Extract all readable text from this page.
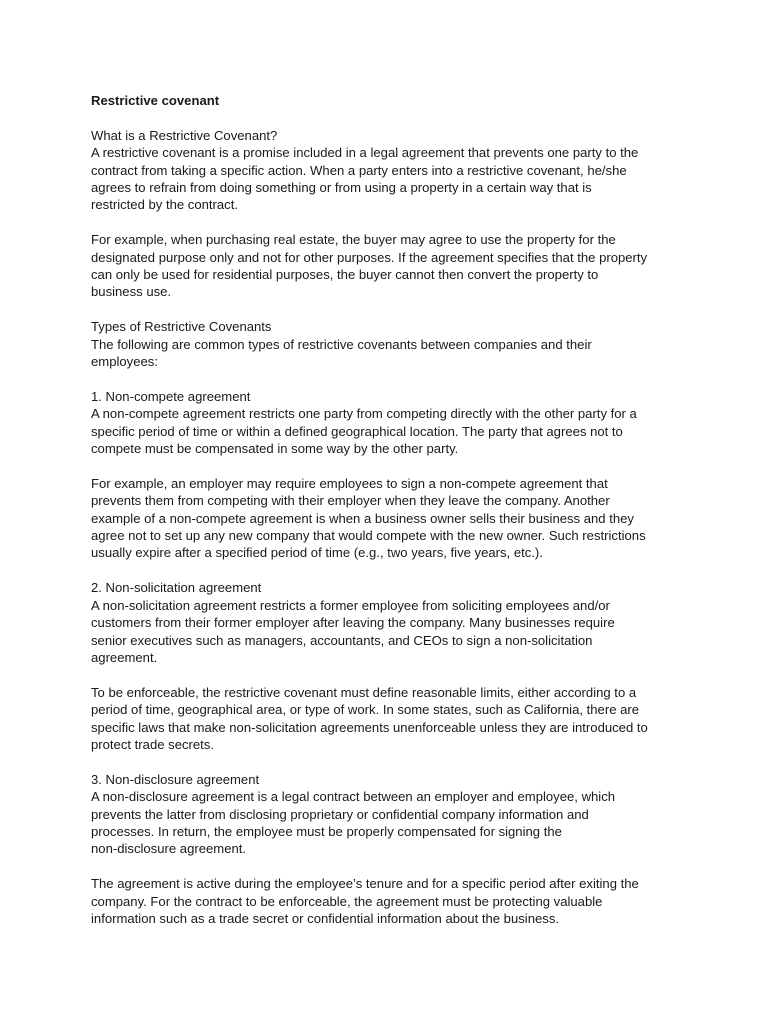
Restrictive covenant
What is a Restrictive Covenant?
A restrictive covenant is a promise included in a legal agreement that prevents one party to the
contract from taking a specific action. When a party enters into a restrictive covenant, he/she
agrees to refrain from doing something or from using a property in a certain way that is
restricted by the contract.
For example, when purchasing real estate, the buyer may agree to use the property for the
designated purpose only and not for other purposes. If the agreement specifies that the property
can only be used for residential purposes, the buyer cannot then convert the property to
business use.
Types of Restrictive Covenants
The following are common types of restrictive covenants between companies and their
employees:
1. Non-compete agreement
A non-compete agreement restricts one party from competing directly with the other party for a
specific period of time or within a defined geographical location. The party that agrees not to
compete must be compensated in some way by the other party.
For example, an employer may require employees to sign a non-compete agreement that
prevents them from competing with their employer when they leave the company. Another
example of a non-compete agreement is when a business owner sells their business and they
agree not to set up any new company that would compete with the new owner. Such restrictions
usually expire after a specified period of time (e.g., two years, five years, etc.).
2. Non-solicitation agreement
A non-solicitation agreement restricts a former employee from soliciting employees and/or
customers from their former employer after leaving the company. Many businesses require
senior executives such as managers, accountants, and CEOs to sign a non-solicitation
agreement.
To be enforceable, the restrictive covenant must define reasonable limits, either according to a
period of time, geographical area, or type of work. In some states, such as California, there are
specific laws that make non-solicitation agreements unenforceable unless they are introduced to
protect trade secrets.
3. Non-disclosure agreement
A non-disclosure agreement is a legal contract between an employer and employee, which
prevents the latter from disclosing proprietary or confidential company information and
processes. In return, the employee must be properly compensated for signing the
non-disclosure agreement.
The agreement is active during the employee’s tenure and for a specific period after exiting the
company. For the contract to be enforceable, the agreement must be protecting valuable
information such as a trade secret or confidential information about the business.
